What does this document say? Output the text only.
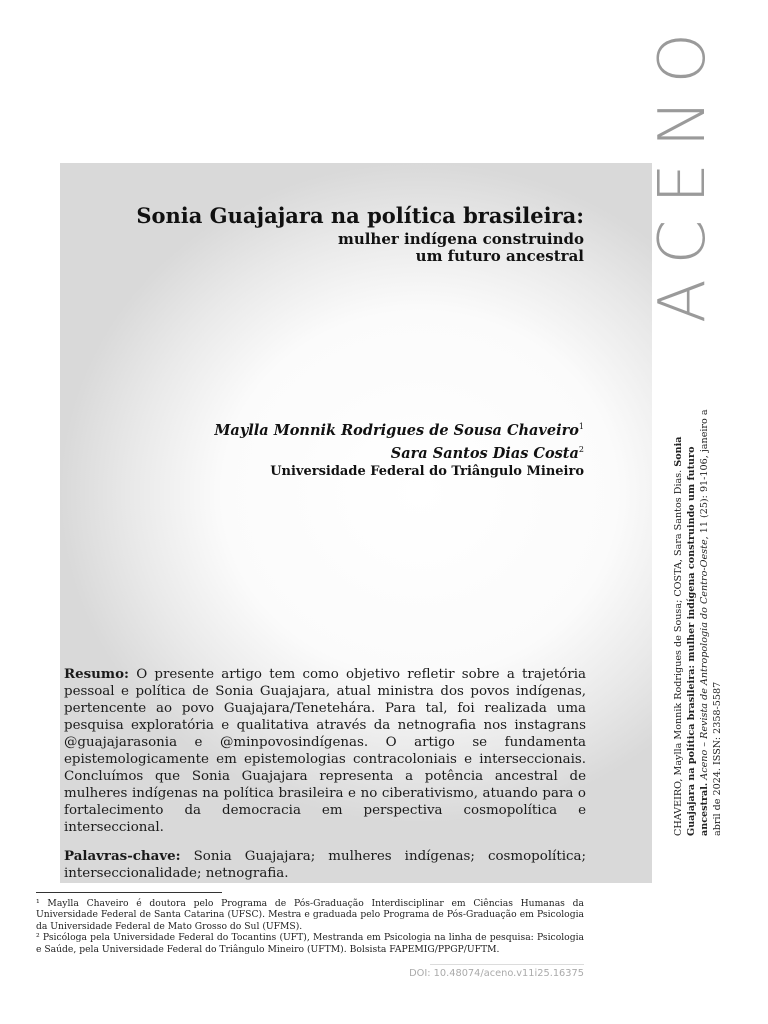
ACENO
Sonia Guajajara na política brasileira:
mulher indígena construindo
um futuro ancestral
Maylla Monnik Rodrigues de Sousa Chaveiro$^1$
Sara Santos Dias Costa$^2$
Universidade Federal do Triângulo Mineiro

Resumo: O presente artigo tem como objetivo refletir sobre a trajetória pessoal e política de Sonia Guajajara, atual ministra dos povos indígenas, pertencente ao povo Guajajara/Tenetehára. Para tal, foi realizada uma pesquisa exploratória e qualitativa através da netnografia nos instagrans @guajajarasonia e @minpovosindígenas. O artigo se fundamenta epistemologicamente em epistemologias contracoloniais e interseccionais. Concluímos que Sonia Guajajara representa a potência ancestral de mulheres indígenas na política brasileira e no ciberativismo, atuando para o fortalecimento da democracia em perspectiva cosmopolítica e interseccional.

Palavras-chave: Sonia Guajajara; mulheres indígenas; cosmopolítica; interseccionalidade; netnografia.

CHAVEIRO, Maylla Monnik Rodrigues de Sousa; COSTA, Sara Santos Dias. Sonia Guajajara na política brasileira: mulher indígena construindo um futuro ancestral. Aceno – Revista de Antropologia do Centro-Oeste, 11 (25): 91-106, janeiro a abril de 2024. ISSN: 2358-5587

¹ Maylla Chaveiro é doutora pelo Programa de Pós-Graduação Interdisciplinar em Ciências Humanas da Universidade Federal de Santa Catarina (UFSC). Mestra e graduada pelo Programa de Pós-Graduação em Psicologia da Universidade Federal de Mato Grosso do Sul (UFMS).

² Psicóloga pela Universidade Federal do Tocantins (UFT), Mestranda em Psicologia na linha de pesquisa: Psicologia e Saúde, pela Universidade Federal do Triângulo Mineiro (UFTM). Bolsista FAPEMIG/PPGP/UFTM.

DOI: 10.48074/aceno.v11i25.16375
